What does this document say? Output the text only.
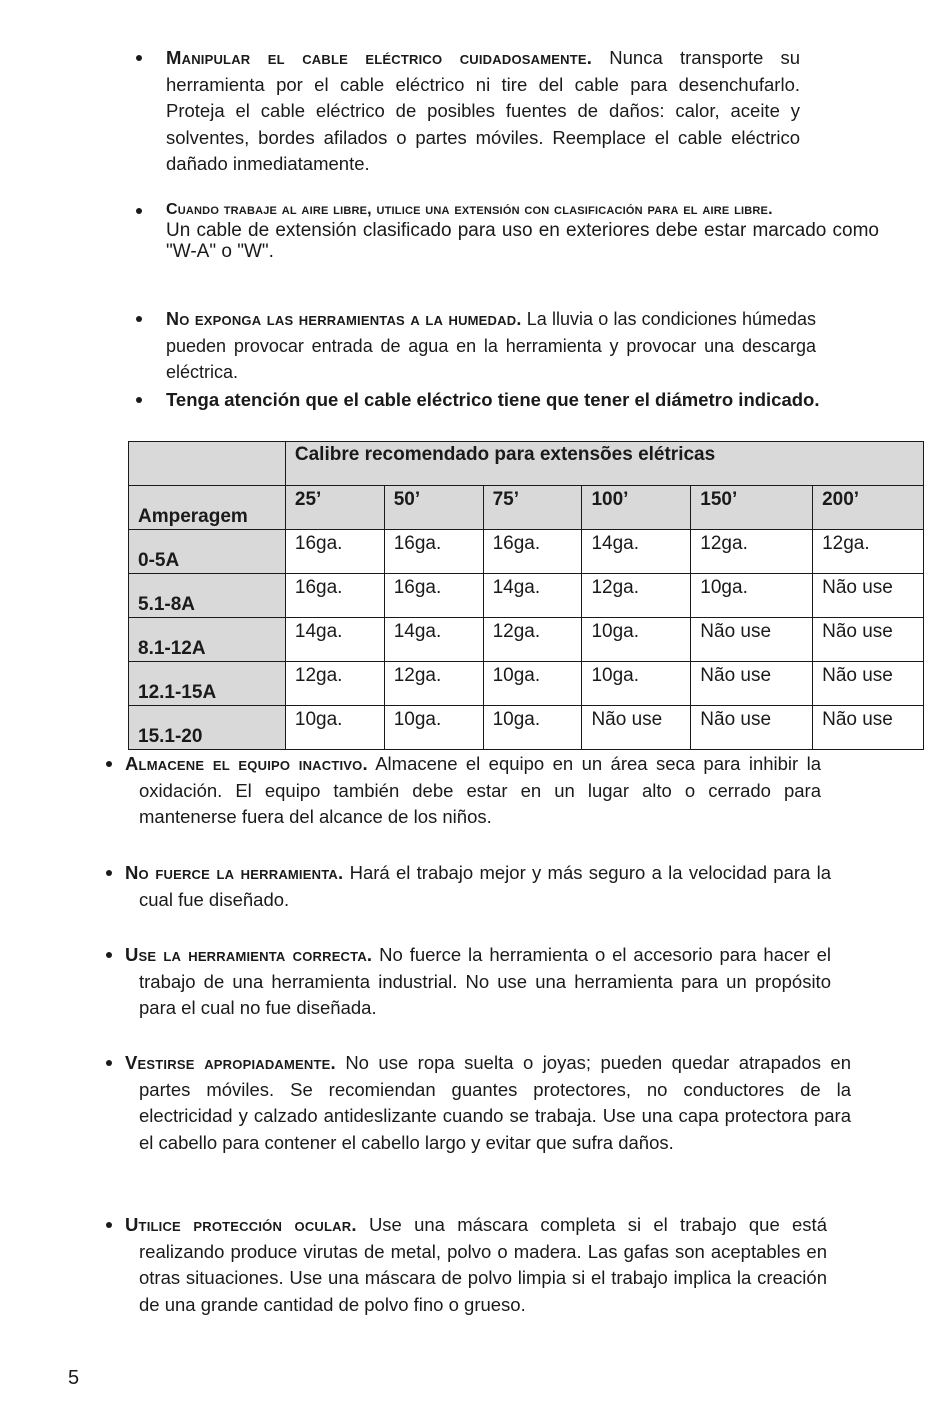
Manipular el cable eléctrico cuidadosamente. Nunca transporte su herramienta por el cable eléctrico ni tire del cable para desenchufarlo. Proteja el cable eléctrico de posibles fuentes de daños: calor, aceite y solventes, bordes afilados o partes móviles. Reemplace el cable eléctrico dañado inmediatamente.
Cuando trabaje al aire libre, utilice una extensión con clasificación para el aire libre.
Un cable de extensión clasificado para uso en exteriores debe estar marcado como "W-A" o "W".
No exponga las herramientas a la humedad. La lluvia o las condiciones húmedas pueden provocar entrada de agua en la herramienta y provocar una descarga eléctrica.
Tenga atención que el cable eléctrico tiene que tener el diámetro indicado.
	Calibre recomendado para extensões elétricas					
Amperagem	25’	50’	75’	100’	150’	200’
0-5A	16ga.	16ga.	16ga.	14ga.	12ga.	12ga.
5.1-8A	16ga.	16ga.	14ga.	12ga.	10ga.	Não use
8.1-12A	14ga.	14ga.	12ga.	10ga.	Não use	Não use
12.1-15A	12ga.	12ga.	10ga.	10ga.	Não use	Não use
15.1-20	10ga.	10ga.	10ga.	Não use	Não use	Não use
Almacene el equipo inactivo. Almacene el equipo en un área seca para inhibir la oxidación. El equipo también debe estar en un lugar alto o cerrado para mantenerse fuera del alcance de los niños.
No fuerce la herramienta. Hará el trabajo mejor y más seguro a la velocidad para la cual fue diseñado.
Use la herramienta correcta. No fuerce la herramienta o el accesorio para hacer el trabajo de una herramienta industrial. No use una herramienta para un propósito para el cual no fue diseñada.
Vestirse apropiadamente. No use ropa suelta o joyas; pueden quedar atrapados en partes móviles. Se recomiendan guantes protectores, no conductores de la electricidad y calzado antideslizante cuando se trabaja. Use una capa protectora para el cabello para contener el cabello largo y evitar que sufra daños.
Utilice protección ocular. Use una máscara completa si el trabajo que está realizando produce virutas de metal, polvo o madera. Las gafas son aceptables en otras situaciones. Use una máscara de polvo limpia si el trabajo implica la creación de una grande cantidad de polvo fino o grueso.
5
